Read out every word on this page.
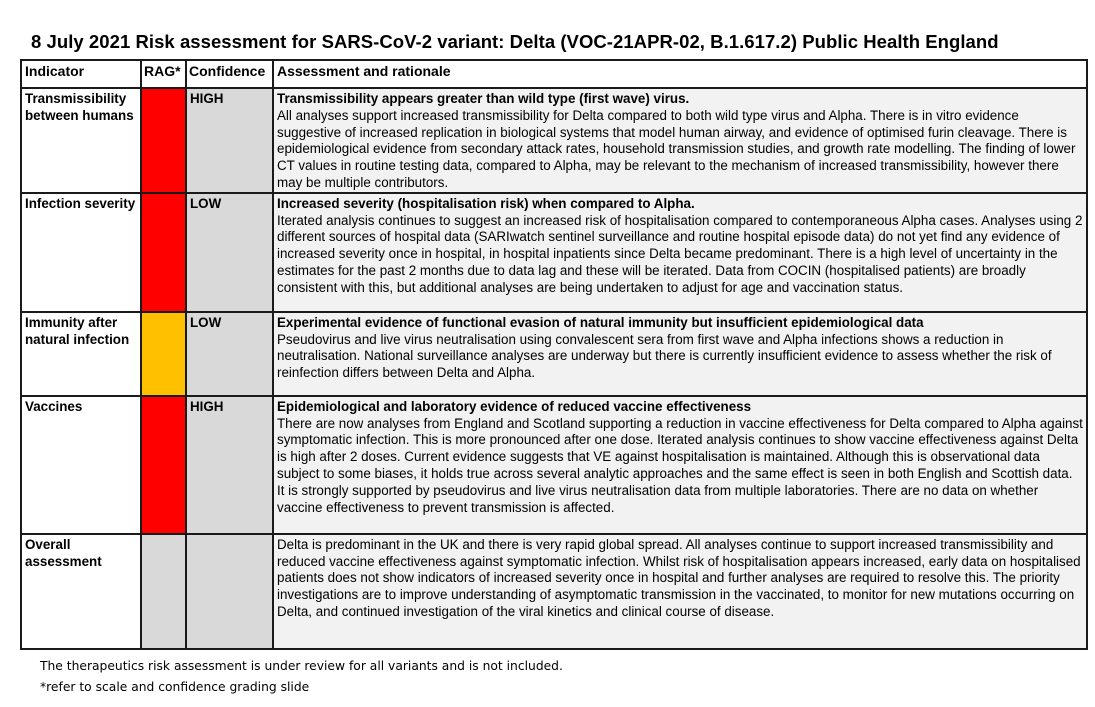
8 July 2021 Risk assessment for SARS-CoV-2 variant: Delta (VOC-21APR-02, B.1.617.2) Public Health England
Indicator	RAG*	Confidence	Assessment and rationale
Transmissibility between humans		HIGH	Transmissibility appears greater than wild type (first wave) virus.
All analyses support increased transmissibility for Delta compared to both wild type virus and Alpha. There is in vitro evidence suggestive of increased replication in biological systems that model human airway, and evidence of optimised furin cleavage. There is epidemiological evidence from secondary attack rates, household transmission studies, and growth rate modelling. The finding of lower CT values in routine testing data, compared to Alpha, may be relevant to the mechanism of increased transmissibility, however there may be multiple contributors.

Infection severity		LOW	Increased severity (hospitalisation risk) when compared to Alpha.
Iterated analysis continues to suggest an increased risk of hospitalisation compared to contemporaneous Alpha cases. Analyses using 2 different sources of hospital data (SARIwatch sentinel surveillance and routine hospital episode data) do not yet find any evidence of increased severity once in hospital, in hospital inpatients since Delta became predominant. There is a high level of uncertainty in the estimates for the past 2 months due to data lag and these will be iterated. Data from COCIN (hospitalised patients) are broadly consistent with this, but additional analyses are being undertaken to adjust for age and vaccination status.

Immunity after natural infection		LOW	Experimental evidence of functional evasion of natural immunity but insufficient epidemiological data
Pseudovirus and live virus neutralisation using convalescent sera from first wave and Alpha infections shows a reduction in neutralisation. National surveillance analyses are underway but there is currently insufficient evidence to assess whether the risk of reinfection differs between Delta and Alpha.

Vaccines		HIGH	Epidemiological and laboratory evidence of reduced vaccine effectiveness
There are now analyses from England and Scotland supporting a reduction in vaccine effectiveness for Delta compared to Alpha against symptomatic infection. This is more pronounced after one dose. Iterated analysis continues to show vaccine effectiveness against Delta is high after 2 doses. Current evidence suggests that VE against hospitalisation is maintained. Although this is observational data subject to some biases, it holds true across several analytic approaches and the same effect is seen in both English and Scottish data. It is strongly supported by pseudovirus and live virus neutralisation data from multiple laboratories. There are no data on whether vaccine effectiveness to prevent transmission is affected.

Overall assessment			Delta is predominant in the UK and there is very rapid global spread. All analyses continue to support increased transmissibility and reduced vaccine effectiveness against symptomatic infection. Whilst risk of hospitalisation appears increased, early data on hospitalised patients does not show indicators of increased severity once in hospital and further analyses are required to resolve this. The priority investigations are to improve understanding of asymptomatic transmission in the vaccinated, to monitor for new mutations occurring on Delta, and continued investigation of the viral kinetics and clinical course of disease.
The therapeutics risk assessment is under review for all variants and is not included.
*refer to scale and confidence grading slide
